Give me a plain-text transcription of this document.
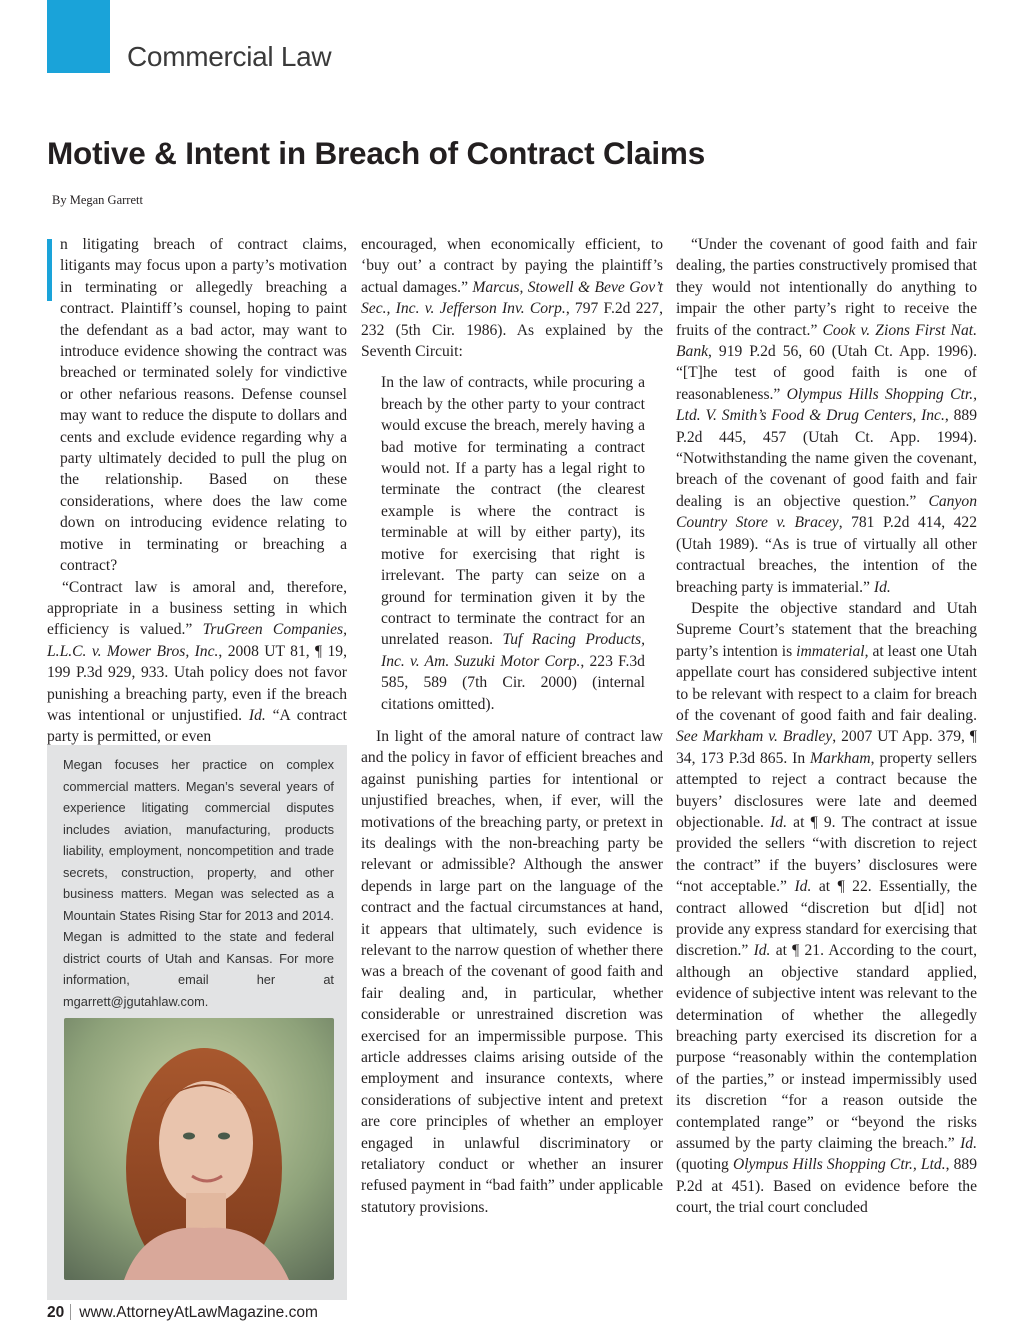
Commercial Law
Motive & Intent in Breach of Contract Claims
By Megan Garrett

n litigating breach of contract claims, litigants may focus upon a party’s motivation in terminating or allegedly breaching a contract. Plaintiff’s counsel, hoping to paint the defendant as a bad actor, may want to introduce evidence showing the contract was breached or terminated solely for vindictive or other nefarious reasons. Defense counsel may want to reduce the dispute to dollars and cents and exclude evidence regarding why a party ultimately decided to pull the plug on the relationship. Based on these considerations, where does the law come down on introducing evidence relating to motive in terminating or breaching a contract?

“Contract law is amoral and, therefore, appropriate in a business setting in which efficiency is valued.” TruGreen Companies, L.L.C. v. Mower Bros, Inc., 2008 UT 81, ¶ 19, 199 P.3d 929, 933. Utah policy does not favor punishing a breaching party, even if the breach was intentional or unjustified. Id. “A contract party is permitted, or even

Megan focuses her practice on complex commercial matters. Megan’s several years of experience litigating commercial disputes includes aviation, manufacturing, products liability, employment, noncompetition and trade secrets, construction, property, and other business matters. Megan was selected as a Mountain States Rising Star for 2013 and 2014. Megan is admitted to the state and federal district courts of Utah and Kansas. For more information, email her at mgarrett@jgutahlaw.com.

encouraged, when economically efficient, to ‘buy out’ a contract by paying the plaintiff’s actual damages.” Marcus, Stowell & Beve Gov’t Sec., Inc. v. Jefferson Inv. Corp., 797 F.2d 227, 232 (5th Cir. 1986). As explained by the Seventh Circuit:

In the law of contracts, while procuring a breach by the other party to your contract would excuse the breach, merely having a bad motive for terminating a contract would not. If a party has a legal right to terminate the contract (the clearest example is where the contract is terminable at will by either party), its motive for exercising that right is irrelevant. The party can seize on a ground for termination given it by the contract to terminate the contract for an unrelated reason. Tuf Racing Products, Inc. v. Am. Suzuki Motor Corp., 223 F.3d 585, 589 (7th Cir. 2000) (internal citations omitted).

In light of the amoral nature of contract law and the policy in favor of efficient breaches and against punishing parties for intentional or unjustified breaches, when, if ever, will the motivations of the breaching party, or pretext in its dealings with the non-breaching party be relevant or admissible? Although the answer depends in large part on the language of the contract and the factual circumstances at hand, it appears that ultimately, such evidence is relevant to the narrow question of whether there was a breach of the covenant of good faith and fair dealing and, in particular, whether considerable or unrestrained discretion was exercised for an impermissible purpose. This article addresses claims arising outside of the employment and insurance contexts, where considerations of subjective intent and pretext are core principles of whether an employer engaged in unlawful discriminatory or retaliatory conduct or whether an insurer refused payment in “bad faith” under applicable statutory provisions.

“Under the covenant of good faith and fair dealing, the parties constructively promised that they would not intentionally do anything to impair the other party’s right to receive the fruits of the contract.” Cook v. Zions First Nat. Bank, 919 P.2d 56, 60 (Utah Ct. App. 1996). “[T]he test of good faith is one of reasonableness.” Olympus Hills Shopping Ctr., Ltd. V. Smith’s Food & Drug Centers, Inc., 889 P.2d 445, 457 (Utah Ct. App. 1994). “Notwithstanding the name given the covenant, breach of the covenant of good faith and fair dealing is an objective question.” Canyon Country Store v. Bracey, 781 P.2d 414, 422 (Utah 1989). “As is true of virtually all other contractual breaches, the intention of the breaching party is immaterial.” Id.

Despite the objective standard and Utah Supreme Court’s statement that the breaching party’s intention is immaterial, at least one Utah appellate court has considered subjective intent to be relevant with respect to a claim for breach of the covenant of good faith and fair dealing. See Markham v. Bradley, 2007 UT App. 379, ¶ 34, 173 P.3d 865. In Markham, property sellers attempted to reject a contract because the buyers’ disclosures were late and deemed objectionable. Id. at ¶ 9. The contract at issue provided the sellers “with discretion to reject the contract” if the buyers’ disclosures were “not acceptable.” Id. at ¶ 22. Essentially, the contract allowed “discretion but d[id] not provide any express standard for exercising that discretion.” Id. at ¶ 21. According to the court, although an objective standard applied, evidence of subjective intent was relevant to the determination of whether the allegedly breaching party exercised its discretion for a purpose “reasonably within the contemplation of the parties,” or instead impermissibly used its discretion “for a reason outside the contemplated range” or “beyond the risks assumed by the party claiming the breach.” Id. (quoting Olympus Hills Shopping Ctr., Ltd., 889 P.2d at 451). Based on evidence before the court, the trial court concluded

20 www.AttorneyAtLawMagazine.com
